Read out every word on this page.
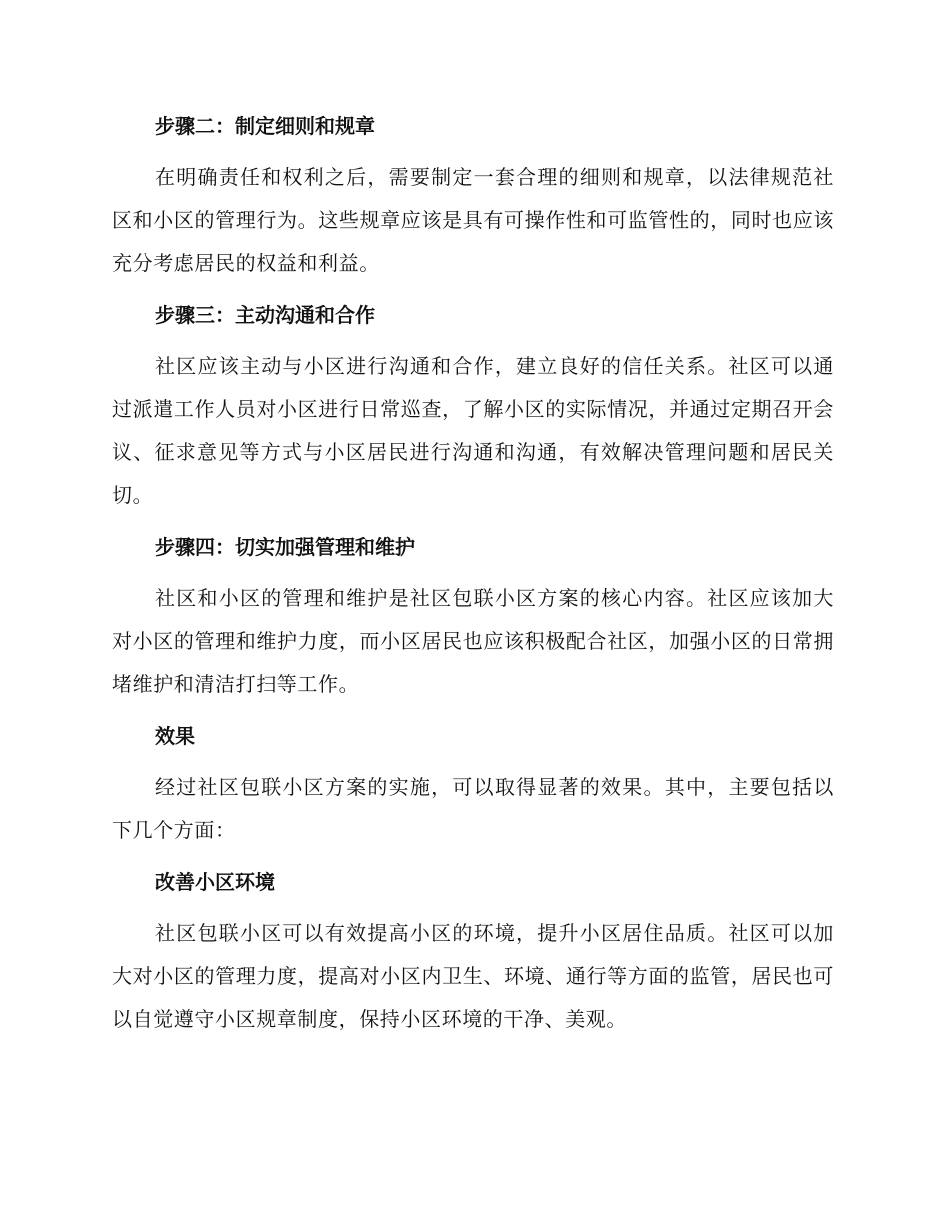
步骤二：制定细则和规章

在明确责任和权利之后，需要制定一套合理的细则和规章，以法律规范社区和小区的管理行为。这些规章应该是具有可操作性和可监管性的，同时也应该充分考虑居民的权益和利益。

步骤三：主动沟通和合作

社区应该主动与小区进行沟通和合作，建立良好的信任关系。社区可以通过派遣工作人员对小区进行日常巡查，了解小区的实际情况，并通过定期召开会议、征求意见等方式与小区居民进行沟通和沟通，有效解决管理问题和居民关切。

步骤四：切实加强管理和维护

社区和小区的管理和维护是社区包联小区方案的核心内容。社区应该加大对小区的管理和维护力度，而小区居民也应该积极配合社区，加强小区的日常拥堵维护和清洁打扫等工作。

效果

经过社区包联小区方案的实施，可以取得显著的效果。其中，主要包括以下几个方面：

改善小区环境

社区包联小区可以有效提高小区的环境，提升小区居住品质。社区可以加大对小区的管理力度，提高对小区内卫生、环境、通行等方面的监管，居民也可以自觉遵守小区规章制度，保持小区环境的干净、美观。
